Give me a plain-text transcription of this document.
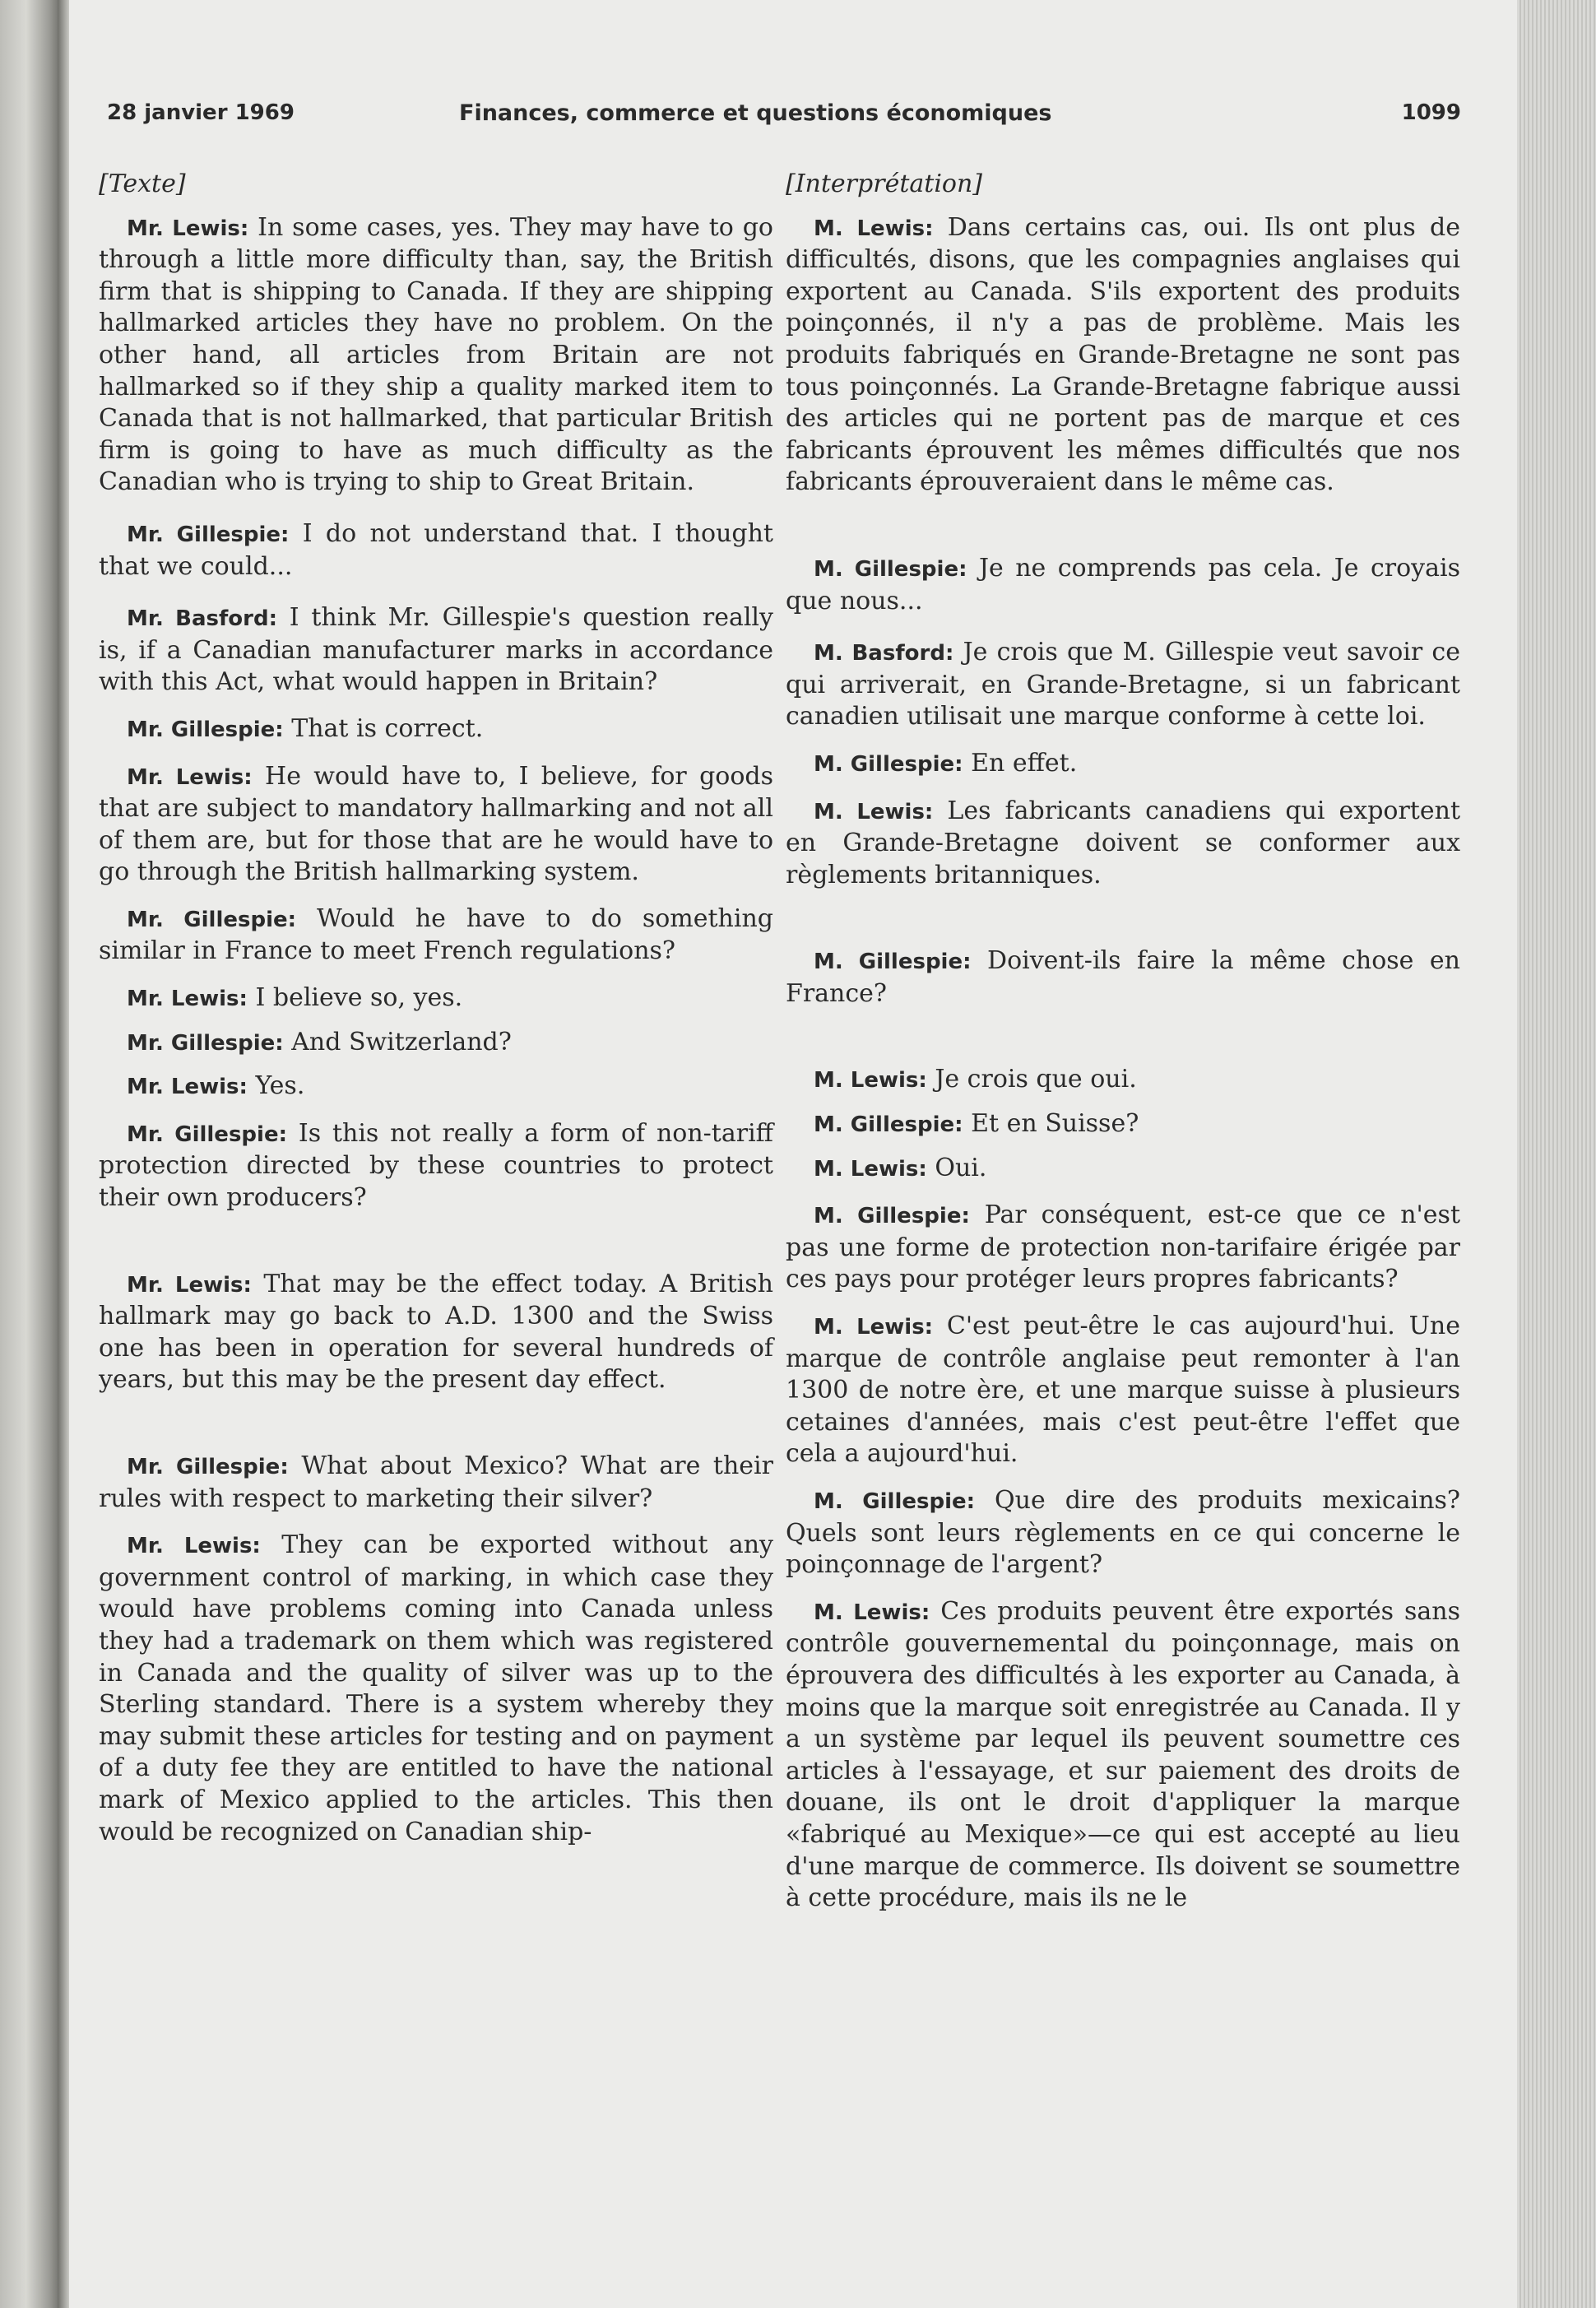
28 janvier 1969	Finances, commerce et questions économiques	1099
[Texte]

Mr. Lewis: In some cases, yes. They may have to go through a little more difficulty than, say, the British firm that is shipping to Canada. If they are shipping hallmarked articles they have no problem. On the other hand, all articles from Britain are not hallmarked so if they ship a quality marked item to Canada that is not hallmarked, that particular British firm is going to have as much difficulty as the Canadian who is trying to ship to Great Britain.

Mr. Gillespie: I do not understand that. I thought that we could...

Mr. Basford: I think Mr. Gillespie's question really is, if a Canadian manufacturer marks in accordance with this Act, what would happen in Britain?

Mr. Gillespie: That is correct.

Mr. Lewis: He would have to, I believe, for goods that are subject to mandatory hallmarking and not all of them are, but for those that are he would have to go through the British hallmarking system.

Mr. Gillespie: Would he have to do something similar in France to meet French regulations?

Mr. Lewis: I believe so, yes.

Mr. Gillespie: And Switzerland?

Mr. Lewis: Yes.

Mr. Gillespie: Is this not really a form of non-tariff protection directed by these countries to protect their own producers?

Mr. Lewis: That may be the effect today. A British hallmark may go back to A.D. 1300 and the Swiss one has been in operation for several hundreds of years, but this may be the present day effect.

Mr. Gillespie: What about Mexico? What are their rules with respect to marketing their silver?

Mr. Lewis: They can be exported without any government control of marking, in which case they would have problems coming into Canada unless they had a trademark on them which was registered in Canada and the quality of silver was up to the Sterling standard. There is a system whereby they may submit these articles for testing and on payment of a duty fee they are entitled to have the national mark of Mexico applied to the articles. This then would be recognized on Canadian ship-

[Interprétation]

M. Lewis: Dans certains cas, oui. Ils ont plus de difficultés, disons, que les compagnies anglaises qui exportent au Canada. S'ils exportent des produits poinçonnés, il n'y a pas de problème. Mais les produits fabriqués en Grande-Bretagne ne sont pas tous poinçonnés. La Grande-Bretagne fabrique aussi des articles qui ne portent pas de marque et ces fabricants éprouvent les mêmes difficultés que nos fabricants éprouveraient dans le même cas.

M. Gillespie: Je ne comprends pas cela. Je croyais que nous...

M. Basford: Je crois que M. Gillespie veut savoir ce qui arriverait, en Grande-Bretagne, si un fabricant canadien utilisait une marque conforme à cette loi.

M. Gillespie: En effet.

M. Lewis: Les fabricants canadiens qui exportent en Grande-Bretagne doivent se conformer aux règlements britanniques.

M. Gillespie: Doivent-ils faire la même chose en France?

M. Lewis: Je crois que oui.

M. Gillespie: Et en Suisse?

M. Lewis: Oui.

M. Gillespie: Par conséquent, est-ce que ce n'est pas une forme de protection non-tarifaire érigée par ces pays pour protéger leurs propres fabricants?

M. Lewis: C'est peut-être le cas aujourd'hui. Une marque de contrôle anglaise peut remonter à l'an 1300 de notre ère, et une marque suisse à plusieurs cetaines d'années, mais c'est peut-être l'effet que cela a aujourd'hui.

M. Gillespie: Que dire des produits mexicains? Quels sont leurs règlements en ce qui concerne le poinçonnage de l'argent?

M. Lewis: Ces produits peuvent être exportés sans contrôle gouvernemental du poinçonnage, mais on éprouvera des difficultés à les exporter au Canada, à moins que la marque soit enregistrée au Canada. Il y a un système par lequel ils peuvent soumettre ces articles à l'essayage, et sur paiement des droits de douane, ils ont le droit d'appliquer la marque «fabriqué au Mexique»—ce qui est accepté au lieu d'une marque de commerce. Ils doivent se soumettre à cette procédure, mais ils ne le
